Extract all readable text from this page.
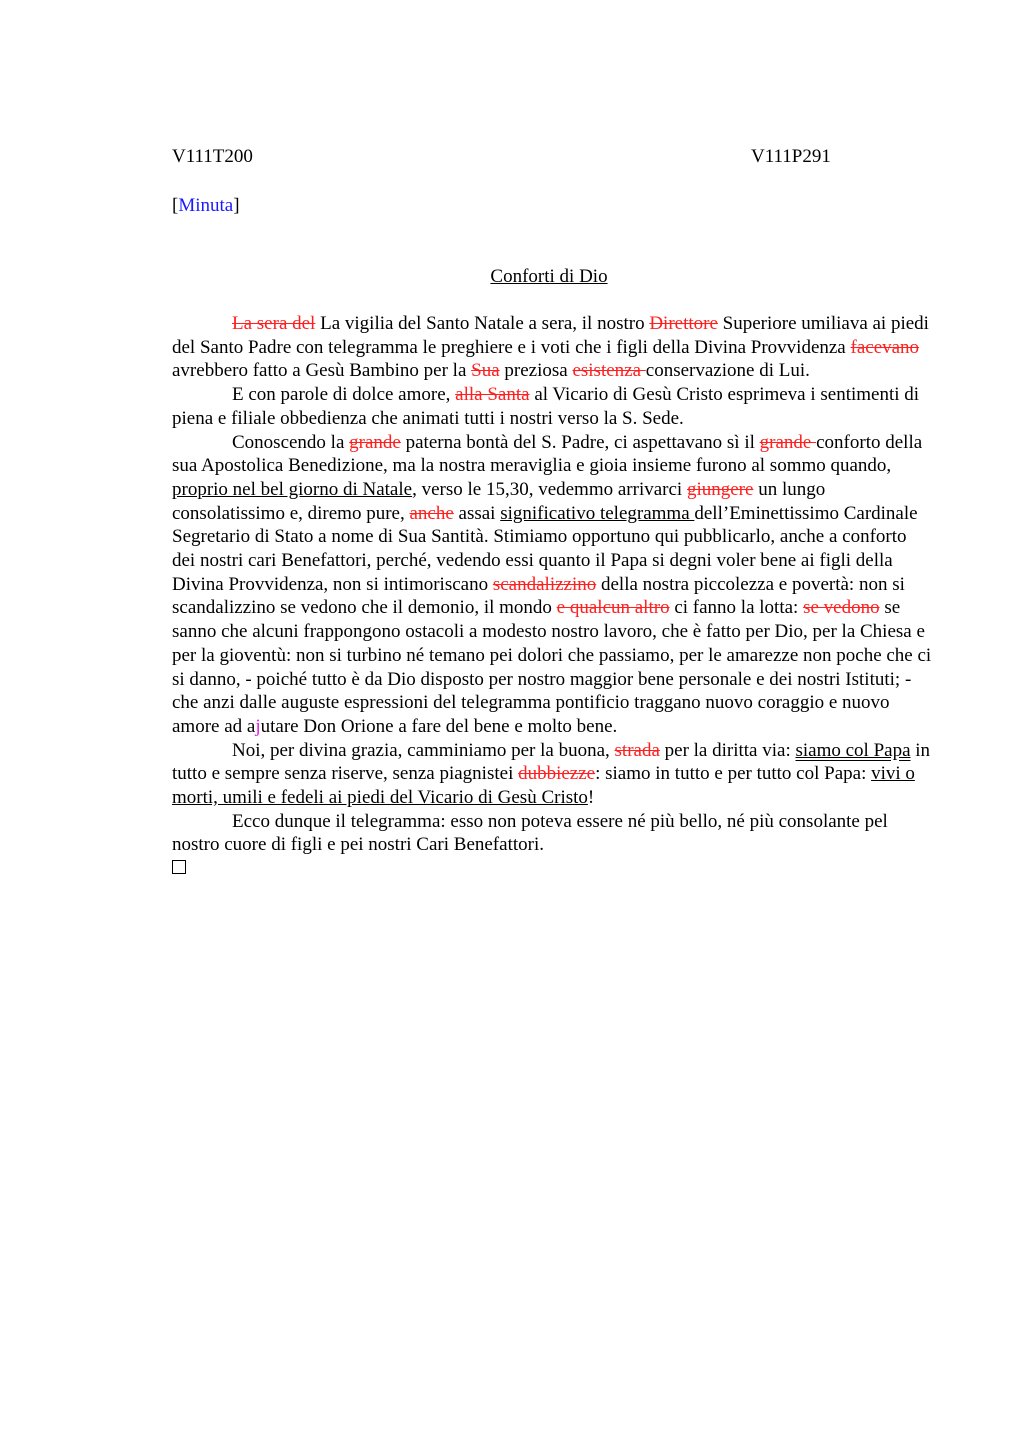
V111T200	V111P291
[Minuta]
Conforti di Dio

La sera del La vigilia del Santo Natale a sera, il nostro Direttore Superiore umiliava ai piedi del Santo Padre con telegramma le preghiere e i voti che i figli della Divina Provvidenza facevano avrebbero fatto a Gesù Bambino per la Sua preziosa esistenza conservazione di Lui.

E con parole di dolce amore, alla Santa al Vicario di Gesù Cristo esprimeva i sentimenti di piena e filiale obbedienza che animati tutti i nostri verso la S. Sede.

Conoscendo la grande paterna bontà del S. Padre, ci aspettavano sì il grande conforto della sua Apostolica Benedizione, ma la nostra meraviglia e gioia insieme furono al sommo quando, proprio nel bel giorno di Natale, verso le 15,30, vedemmo arrivarci giungere un lungo consolatissimo e, diremo pure, anche assai significativo telegramma dell’Eminettissimo Cardinale Segretario di Stato a nome di Sua Santità. Stimiamo opportuno qui pubblicarlo, anche a conforto dei nostri cari Benefattori, perché, vedendo essi quanto il Papa si degni voler bene ai figli della Divina Provvidenza, non si intimoriscano scandalizzino della nostra piccolezza e povertà: non si scandalizzino se vedono che il demonio, il mondo e qualcun altro ci fanno la lotta: se vedono se sanno che alcuni frappongono ostacoli a modesto nostro lavoro, che è fatto per Dio, per la Chiesa e per la gioventù: non si turbino né temano pei dolori che passiamo, per le amarezze non poche che ci si danno, - poiché tutto è da Dio disposto per nostro maggior bene personale e dei nostri Istituti; - che anzi dalle auguste espressioni del telegramma pontificio traggano nuovo coraggio e nuovo amore ad ajutare Don Orione a fare del bene e molto bene.

Noi, per divina grazia, camminiamo per la buona, strada per la diritta via: siamo col Papa in tutto e sempre senza riserve, senza piagnistei dubbiezze: siamo in tutto e per tutto col Papa: vivi o morti, umili e fedeli ai piedi del Vicario di Gesù Cristo!

Ecco dunque il telegramma: esso non poteva essere né più bello, né più consolante pel nostro cuore di figli e pei nostri Cari Benefattori.
